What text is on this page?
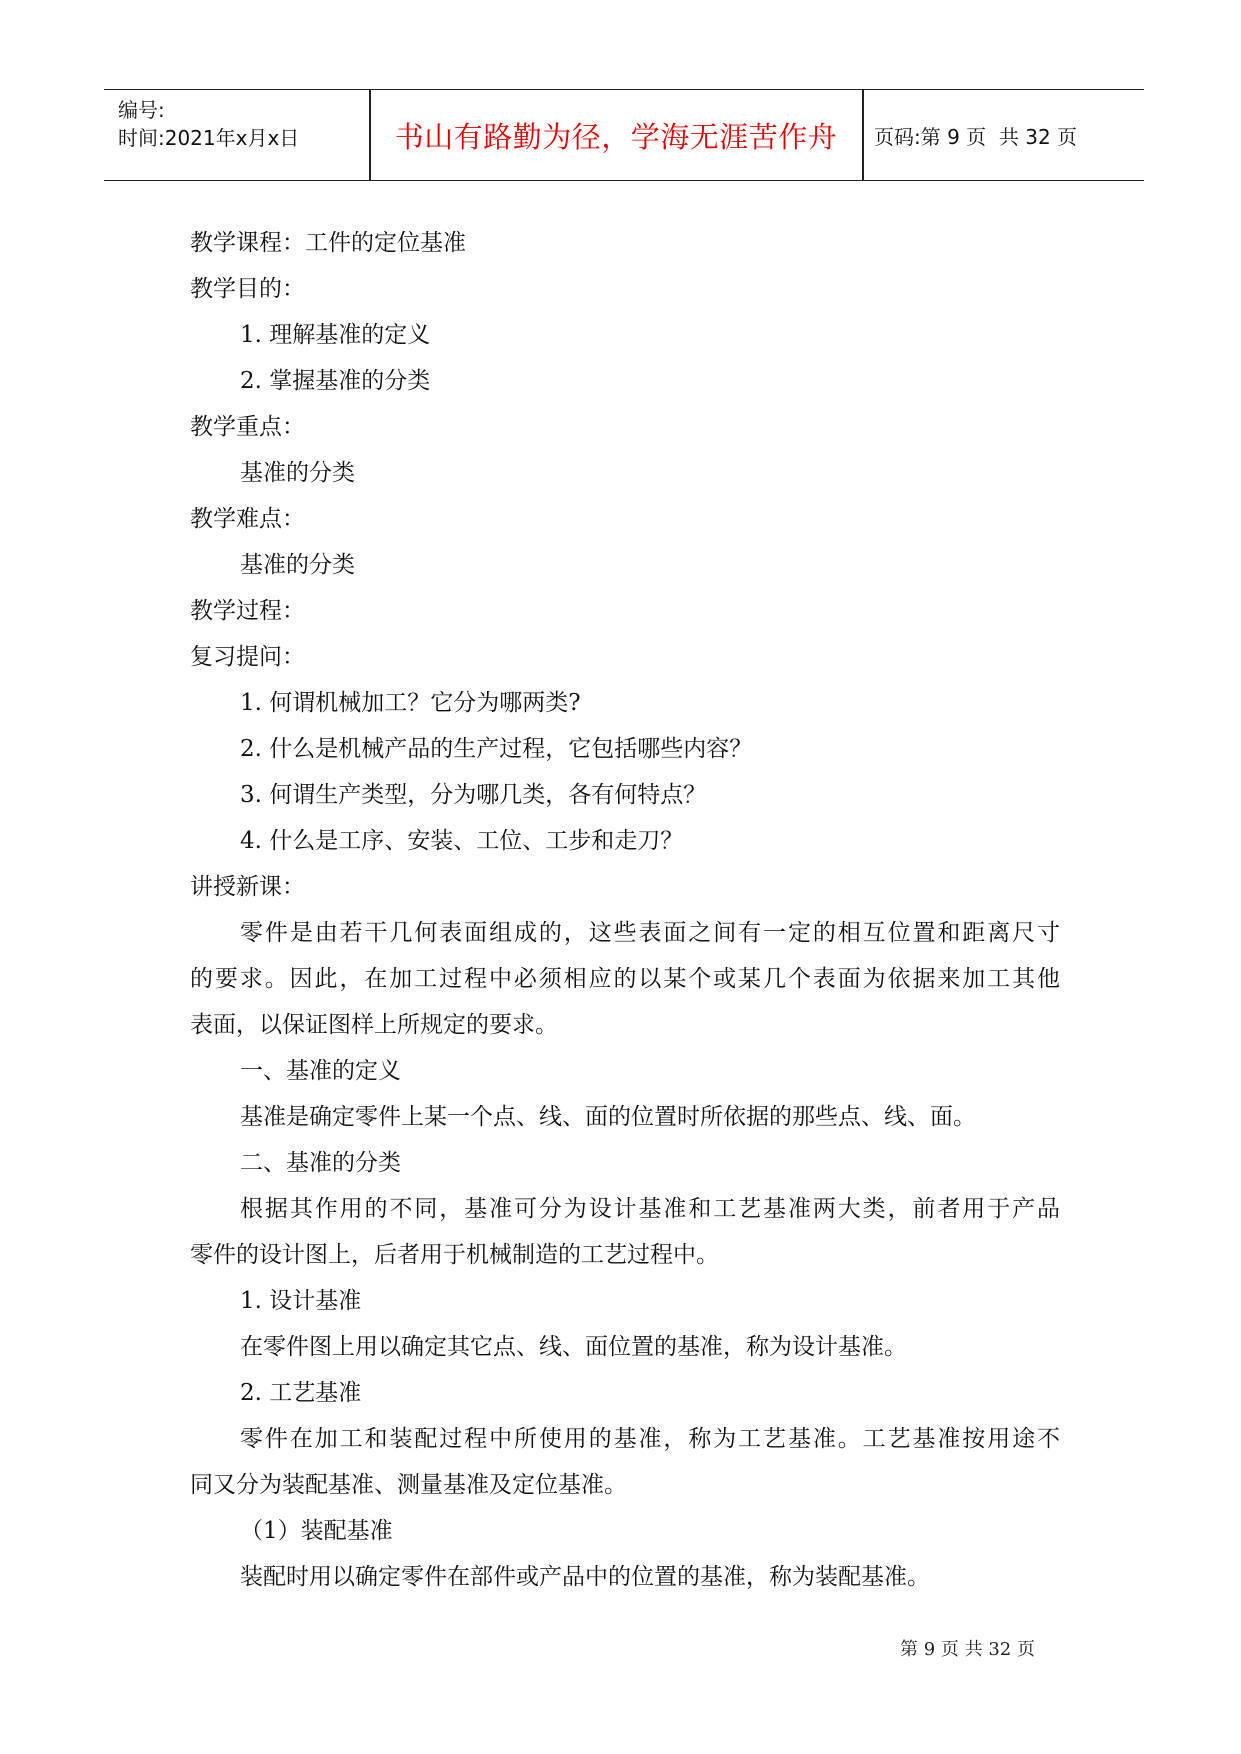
编号:
时间:2021年x月x日	书山有路勤为径，学海无涯苦作舟	页码:第 9 页  共 32 页
教学课程：工件的定位基准
教学目的：
1. 理解基准的定义
2. 掌握基准的分类
教学重点：
基准的分类
教学难点：
基准的分类
教学过程：
复习提问：
1. 何谓机械加工？它分为哪两类?
2. 什么是机械产品的生产过程，它包括哪些内容？
3. 何谓生产类型，分为哪几类，各有何特点？
4. 什么是工序、安装、工位、工步和走刀？
讲授新课：
零件是由若干几何表面组成的，这些表面之间有一定的相互位置和距离尺寸
的要求。因此，在加工过程中必须相应的以某个或某几个表面为依据来加工其他
表面，以保证图样上所规定的要求。
一、基准的定义
基准是确定零件上某一个点、线、面的位置时所依据的那些点、线、面。
二、基准的分类
根据其作用的不同，基准可分为设计基准和工艺基准两大类，前者用于产品
零件的设计图上，后者用于机械制造的工艺过程中。
1. 设计基准
在零件图上用以确定其它点、线、面位置的基准，称为设计基准。
2. 工艺基准
零件在加工和装配过程中所使用的基准，称为工艺基准。工艺基准按用途不
同又分为装配基准、测量基准及定位基准。
（1）装配基准
装配时用以确定零件在部件或产品中的位置的基准，称为装配基准。
第 9 页 共 32 页
